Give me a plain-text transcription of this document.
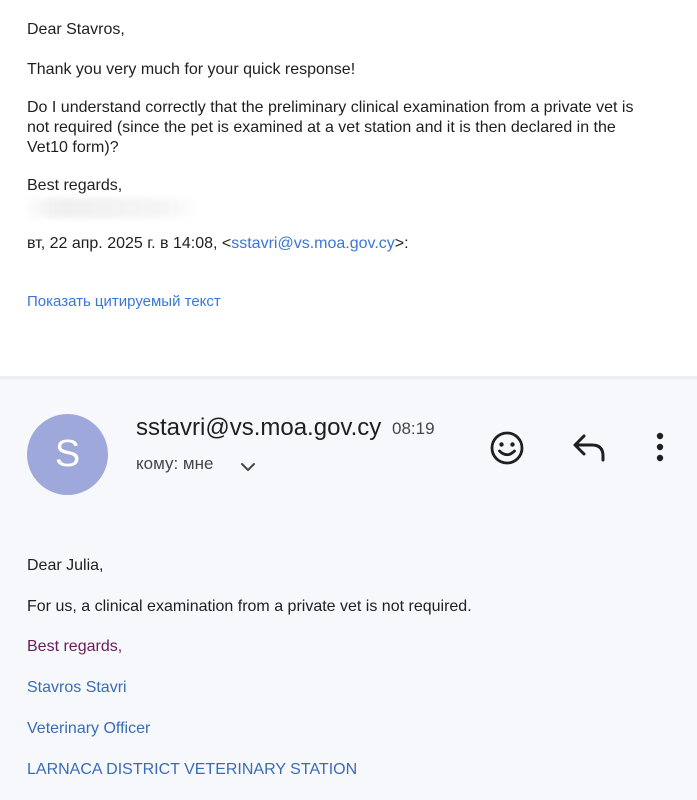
Dear Stavros,
Thank you very much for your quick response!
Do I understand correctly that the preliminary clinical examination from a private vet is
not required (since the pet is examined at a vet station and it is then declared in the
Vet10 form)?
Best regards,
вт, 22 апр. 2025 г. в 14:08, <sstavri@vs.moa.gov.cy>:
Показать цитируемый текст
S
sstavri@vs.moa.gov.cy 08:19
кому: мне
Dear Julia,
For us, a clinical examination from a private vet is not required.
Best regards,
Stavros Stavri
Veterinary Officer
LARNACA DISTRICT VETERINARY STATION
